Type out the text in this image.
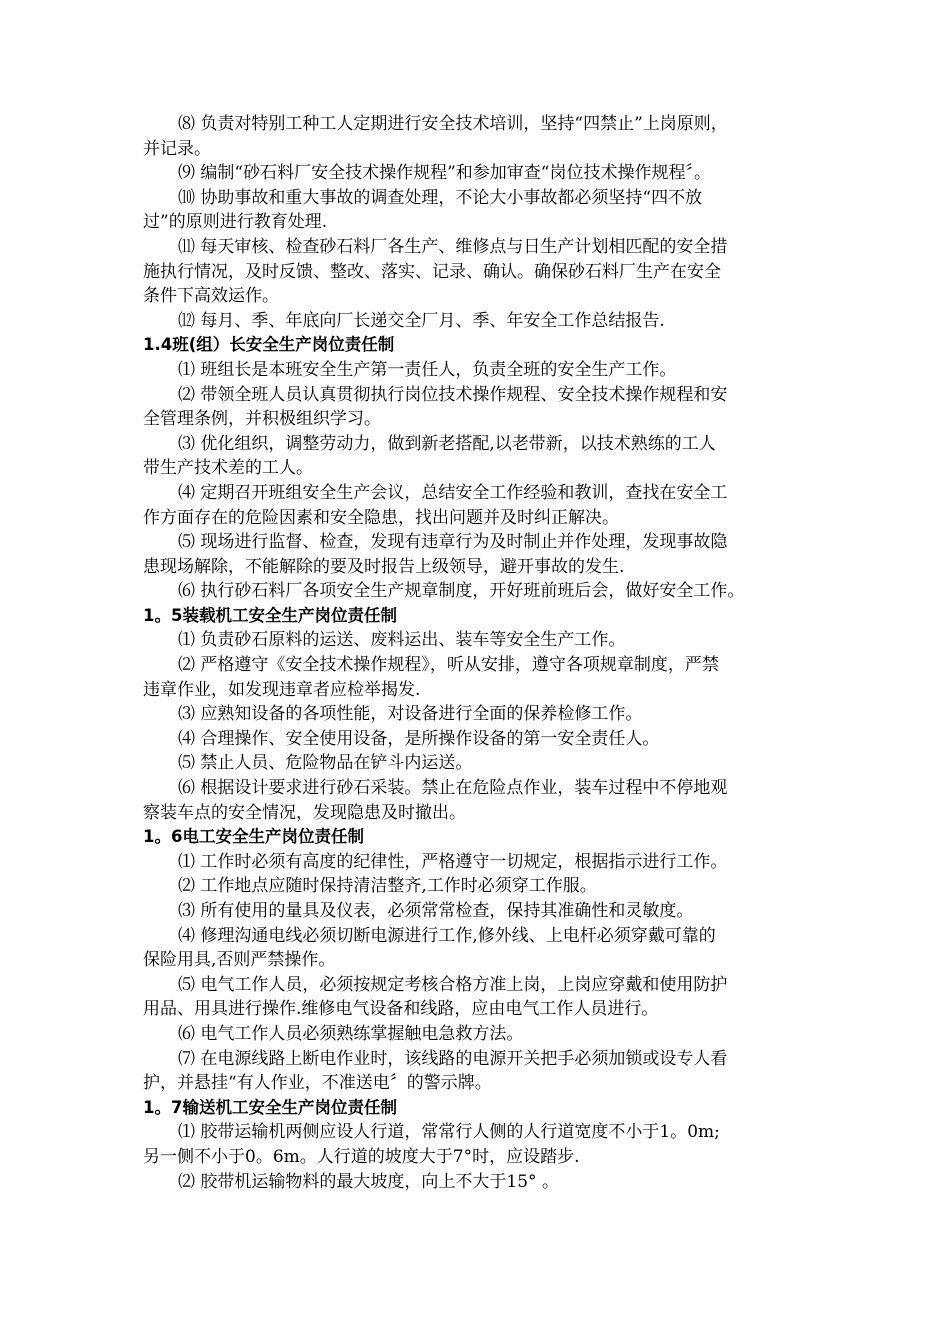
⑻ 负责对特别工种工人定期进行安全技术培训，坚持“四禁止”上岗原则，
并记录。
⑼ 编制“砂石料厂安全技术操作规程”和参加审查“岗位技术操作规程〞。
⑽ 协助事故和重大事故的调查处理，不论大小事故都必须坚持“四不放
过”的原则进行教育处理.
⑾ 每天审核、检查砂石料厂各生产、维修点与日生产计划相匹配的安全措
施执行情况，及时反馈、整改、落实、记录、确认。确保砂石料厂生产在安全
条件下高效运作。
⑿ 每月、季、年底向厂长递交全厂月、季、年安全工作总结报告.
1.4班(组）长安全生产岗位责任制
⑴ 班组长是本班安全生产第一责任人，负责全班的安全生产工作。
⑵ 带领全班人员认真贯彻执行岗位技术操作规程、安全技术操作规程和安
全管理条例，并积极组织学习。
⑶ 优化组织，调整劳动力，做到新老搭配,以老带新，以技术熟练的工人
带生产技术差的工人。
⑷ 定期召开班组安全生产会议，总结安全工作经验和教训，查找在安全工
作方面存在的危险因素和安全隐患，找出问题并及时纠正解决。
⑸ 现场进行监督、检查，发现有违章行为及时制止并作处理，发现事故隐
患现场解除，不能解除的要及时报告上级领导，避开事故的发生.
⑹ 执行砂石料厂各项安全生产规章制度，开好班前班后会，做好安全工作。
1。5装载机工安全生产岗位责任制
⑴ 负责砂石原料的运送、废料运出、装车等安全生产工作。
⑵ 严格遵守《安全技术操作规程》，听从安排，遵守各项规章制度，严禁
违章作业，如发现违章者应检举揭发.
⑶ 应熟知设备的各项性能，对设备进行全面的保养检修工作。
⑷ 合理操作、安全使用设备，是所操作设备的第一安全责任人。
⑸ 禁止人员、危险物品在铲斗内运送。
⑹ 根据设计要求进行砂石采装。禁止在危险点作业，装车过程中不停地观
察装车点的安全情况，发现隐患及时撤出。
1。6电工安全生产岗位责任制
⑴ 工作时必须有高度的纪律性，严格遵守一切规定，根据指示进行工作。
⑵ 工作地点应随时保持清洁整齐,工作时必须穿工作服。
⑶ 所有使用的量具及仪表，必须常常检查，保持其准确性和灵敏度。
⑷ 修理沟通电线必须切断电源进行工作,修外线、上电杆必须穿戴可靠的
保险用具,否则严禁操作。
⑸ 电气工作人员，必须按规定考核合格方准上岗，上岗应穿戴和使用防护
用品、用具进行操作.维修电气设备和线路，应由电气工作人员进行。
⑹ 电气工作人员必须熟练掌握触电急救方法。
⑺ 在电源线路上断电作业时，该线路的电源开关把手必须加锁或设专人看
护，并悬挂“有人作业，不准送电〞的警示牌。
1。7输送机工安全生产岗位责任制
⑴ 胶带运输机两侧应设人行道，常常行人侧的人行道宽度不小于1。0m;
另一侧不小于0。6m。人行道的坡度大于7°时，应设踏步.
⑵ 胶带机运输物料的最大坡度，向上不大于15° 。
